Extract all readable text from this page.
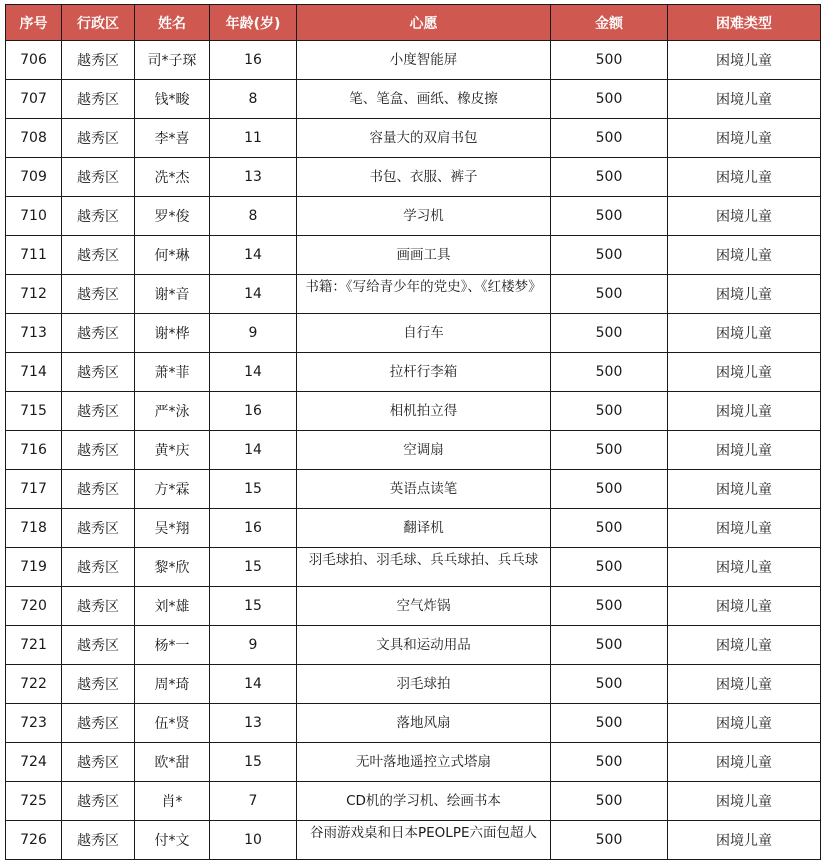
序号	行政区	姓名	年龄(岁)	心愿	金额	困难类型
706	越秀区	司*子琛	16	小度智能屏	500	困境儿童
707	越秀区	钱*畯	8	笔、笔盒、画纸、橡皮擦	500	困境儿童
708	越秀区	李*喜	11	容量大的双肩书包	500	困境儿童
709	越秀区	冼*杰	13	书包、衣服、裤子	500	困境儿童
710	越秀区	罗*俊	8	学习机	500	困境儿童
711	越秀区	何*琳	14	画画工具	500	困境儿童
712	越秀区	谢*音	14	书籍：《写给青少年的党史》、《红楼梦》	500	困境儿童
713	越秀区	谢*桦	9	自行车	500	困境儿童
714	越秀区	萧*菲	14	拉杆行李箱	500	困境儿童
715	越秀区	严*泳	16	相机拍立得	500	困境儿童
716	越秀区	黄*庆	14	空调扇	500	困境儿童
717	越秀区	方*霖	15	英语点读笔	500	困境儿童
718	越秀区	吴*翔	16	翻译机	500	困境儿童
719	越秀区	黎*欣	15	羽毛球拍、羽毛球、兵乓球拍、兵乓球	500	困境儿童
720	越秀区	刘*雄	15	空气炸锅	500	困境儿童
721	越秀区	杨*一	9	文具和运动用品	500	困境儿童
722	越秀区	周*琦	14	羽毛球拍	500	困境儿童
723	越秀区	伍*贤	13	落地风扇	500	困境儿童
724	越秀区	欧*甜	15	无叶落地遥控立式塔扇	500	困境儿童
725	越秀区	肖*	7	CD机的学习机、绘画书本	500	困境儿童
726	越秀区	付*文	10	谷雨游戏桌和日本PEOLPE六面包超人	500	困境儿童
